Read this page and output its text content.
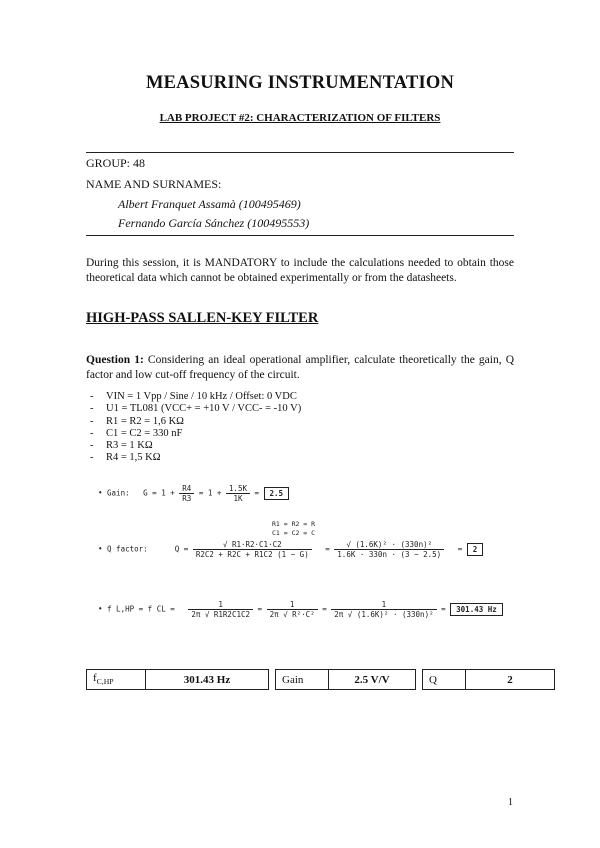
MEASURING INSTRUMENTATION
LAB PROJECT #2: CHARACTERIZATION OF FILTERS
GROUP: 48
NAME AND SURNAMES:
Albert Franquet Assamà (100495469)
Fernando García Sánchez (100495553)
During this session, it is MANDATORY to include the calculations needed to obtain those theoretical data which cannot be obtained experimentally or from the datasheets.
HIGH-PASS SALLEN-KEY FILTER
Question 1: Considering an ideal operational amplifier, calculate theoretically the gain, Q factor and low cut-off frequency of the circuit.
- VIN = 1 Vpp / Sine / 10 kHz / Offset: 0 VDC
- U1 = TL081 (VCC+ = +10 V / VCC- = -10 V)
- R1 = R2 = 1,6 KΩ
- C1 = C2 = 330 nF
- R3 = 1 KΩ
- R4 = 1,5 KΩ
• Gain: $G = 1 + \frac{R4}{R3} = 1 + \frac{1.5K}{1K} = 2.5$
R1 = R2 = R
C1 = C2 = C
• Q factor:	$Q = \frac{√ R1\cdot R2\cdot C1\cdot C2}{R2C2 + R2C + R1C2 (1 - G)} = \frac{\text{√ (1.6K)² · (330n)²}}{1.6K \cdot 330n \cdot (3 - 2.5)} = 2$
• f L,HP = f CL = $\frac{1}{2\pi √ R1R2C1C2} = \frac{1}{\text{2π √ R²·C²}} = \frac{1}{\text{2π √ (1.6K)² · (330n)²}} = 301.43$ Hz
$f_{C,HP}$	301.43 Hz		Gain	2.5 V/V		Q	2
1
